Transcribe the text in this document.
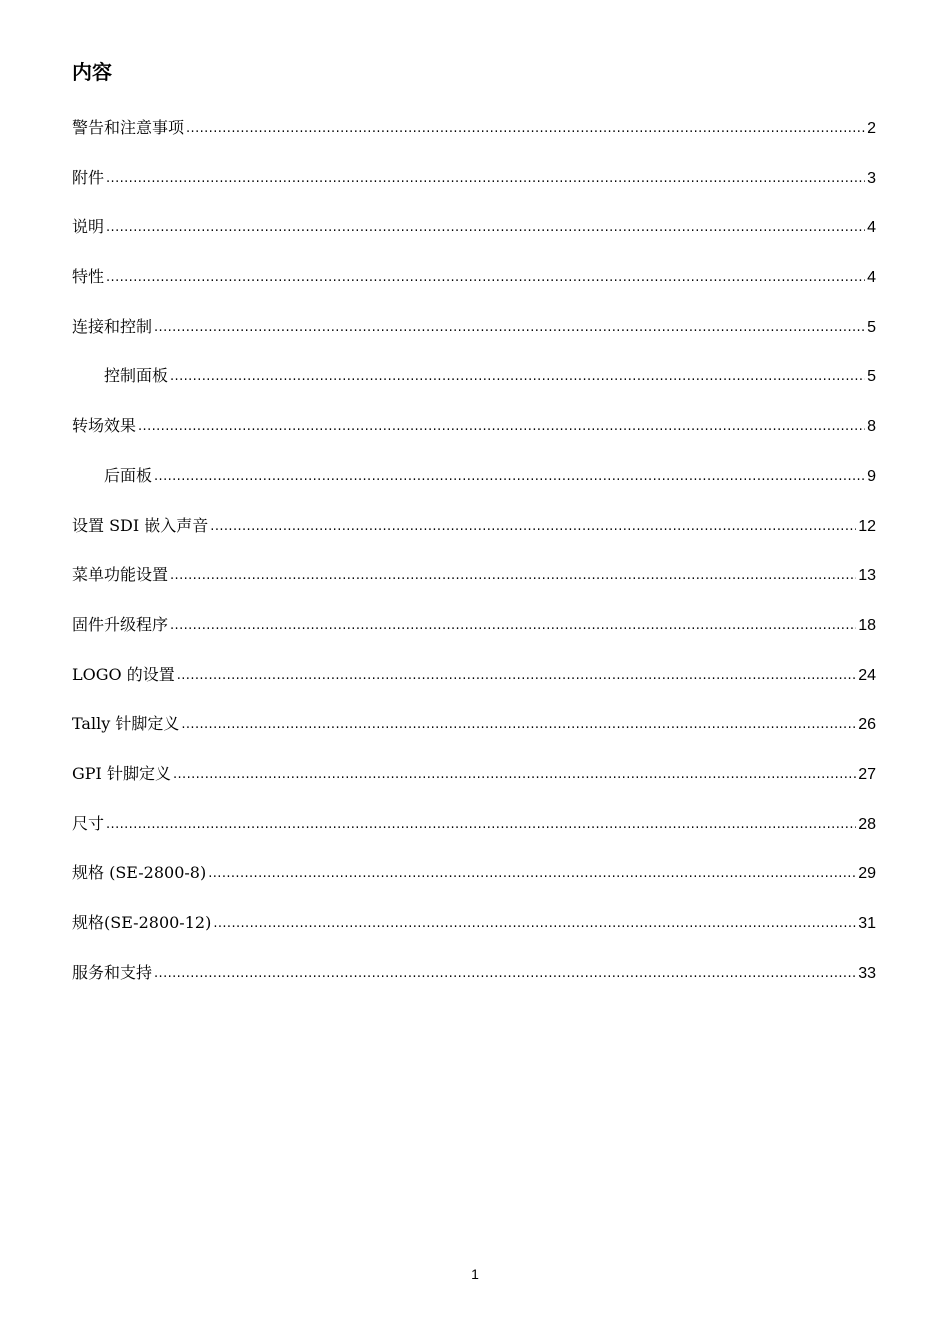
内容
警告和注意事项 .....	2
附件 .....	3
说明 .....	4
特性 .....	4
连接和控制 .....	5
控制面板 .....	5
转场效果 .....	8
后面板 .....	9
设置 SDI 嵌入声音 .....	12
菜单功能设置 .....	13
固件升级程序 .....	18
LOGO 的设置 .....	24
Tally 针脚定义 .....	26
GPI 针脚定义 .....	27
尺寸 .....	28
规格 (SE-2800-8) .....	29
规格(SE-2800-12) .....	31
服务和支持 .....	33
1
